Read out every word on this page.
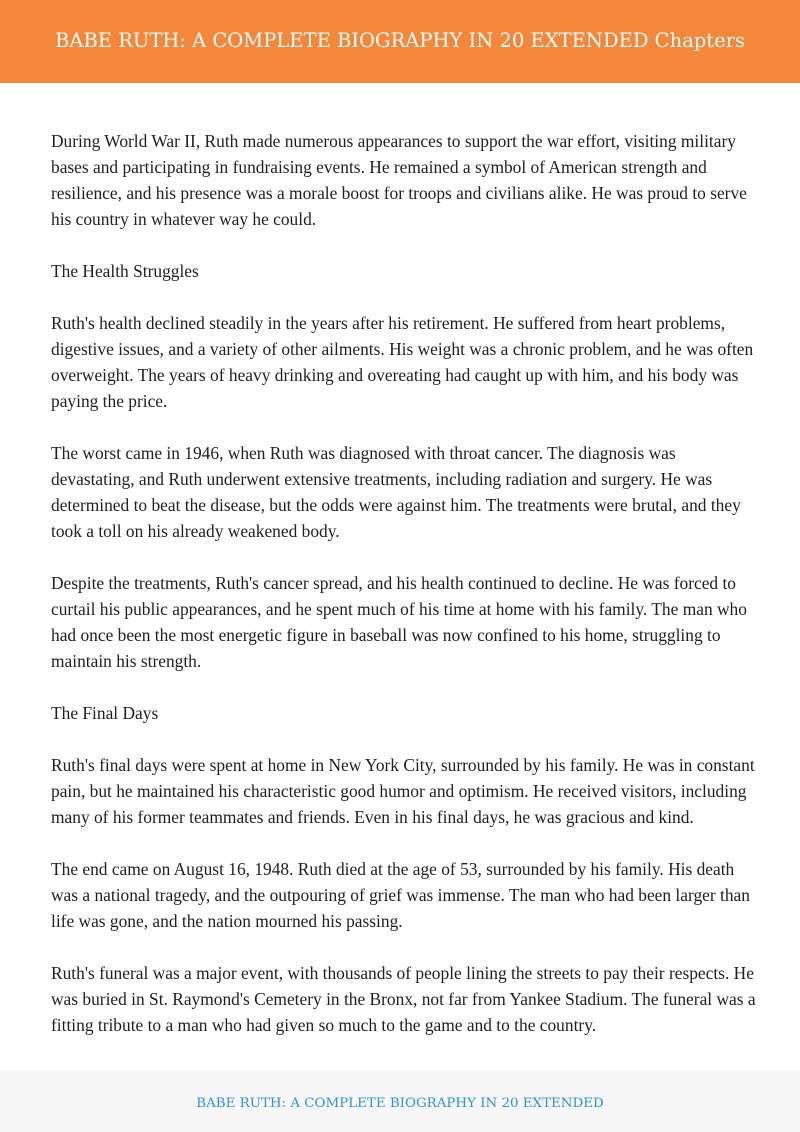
BABE RUTH: A COMPLETE BIOGRAPHY IN 20 EXTENDED Chapters

During World War II, Ruth made numerous appearances to support the war effort, visiting military bases and participating in fundraising events. He remained a symbol of American strength and resilience, and his presence was a morale boost for troops and civilians alike. He was proud to serve his country in whatever way he could.

The Health Struggles

Ruth's health declined steadily in the years after his retirement. He suffered from heart problems, digestive issues, and a variety of other ailments. His weight was a chronic problem, and he was often overweight. The years of heavy drinking and overeating had caught up with him, and his body was paying the price.

The worst came in 1946, when Ruth was diagnosed with throat cancer. The diagnosis was devastating, and Ruth underwent extensive treatments, including radiation and surgery. He was determined to beat the disease, but the odds were against him. The treatments were brutal, and they took a toll on his already weakened body.

Despite the treatments, Ruth's cancer spread, and his health continued to decline. He was forced to curtail his public appearances, and he spent much of his time at home with his family. The man who had once been the most energetic figure in baseball was now confined to his home, struggling to maintain his strength.

The Final Days

Ruth's final days were spent at home in New York City, surrounded by his family. He was in constant pain, but he maintained his characteristic good humor and optimism. He received visitors, including many of his former teammates and friends. Even in his final days, he was gracious and kind.

The end came on August 16, 1948. Ruth died at the age of 53, surrounded by his family. His death was a national tragedy, and the outpouring of grief was immense. The man who had been larger than life was gone, and the nation mourned his passing.

Ruth's funeral was a major event, with thousands of people lining the streets to pay their respects. He was buried in St. Raymond's Cemetery in the Bronx, not far from Yankee Stadium. The funeral was a fitting tribute to a man who had given so much to the game and to the country.

BABE RUTH: A COMPLETE BIOGRAPHY IN 20 EXTENDED
